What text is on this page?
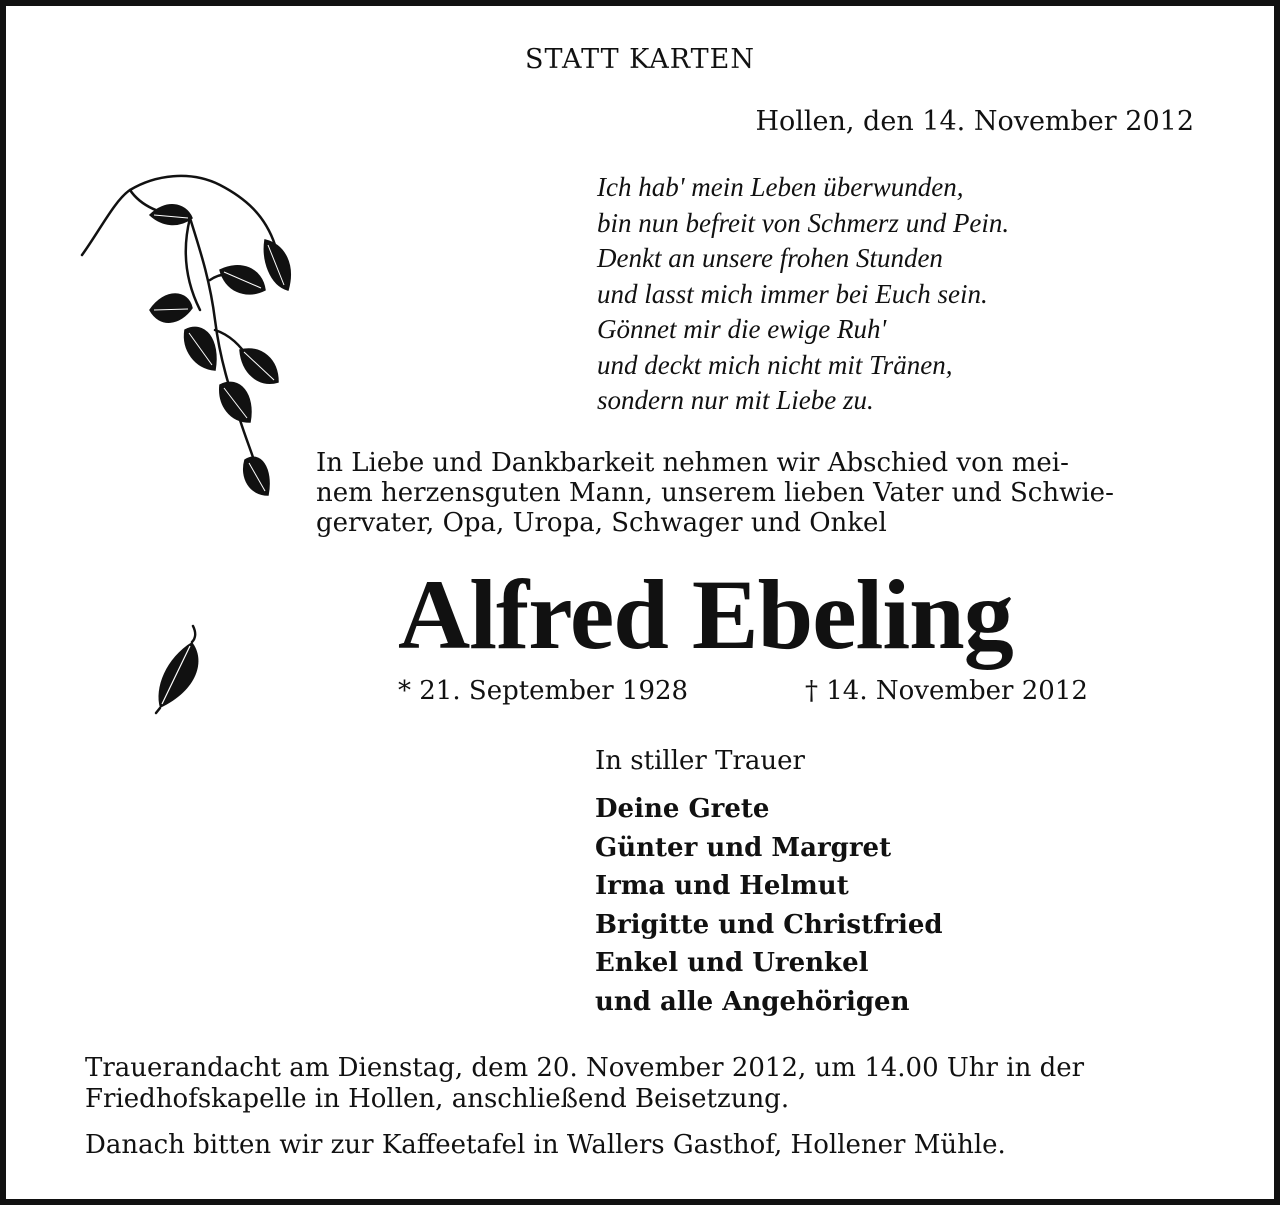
STATT KARTEN
Hollen, den 14. November 2012
Ich hab' mein Leben überwunden,
bin nun befreit von Schmerz und Pein.
Denkt an unsere frohen Stunden
und lasst mich immer bei Euch sein.
Gönnet mir die ewige Ruh'
und deckt mich nicht mit Tränen,
sondern nur mit Liebe zu.
In Liebe und Dankbarkeit nehmen wir Abschied von mei-
nem herzensguten Mann, unserem lieben Vater und Schwie-
gervater, Opa, Uropa, Schwager und Onkel
Alfred Ebeling
* 21. September 1928	† 14. November 2012
In stiller Trauer
Deine Grete
Günter und Margret
Irma und Helmut
Brigitte und Christfried
Enkel und Urenkel
und alle Angehörigen
Trauerandacht am Dienstag, dem 20. November 2012, um 14.00 Uhr in der
Friedhofskapelle in Hollen, anschließend Beisetzung.
Danach bitten wir zur Kaffeetafel in Wallers Gasthof, Hollener Mühle.
